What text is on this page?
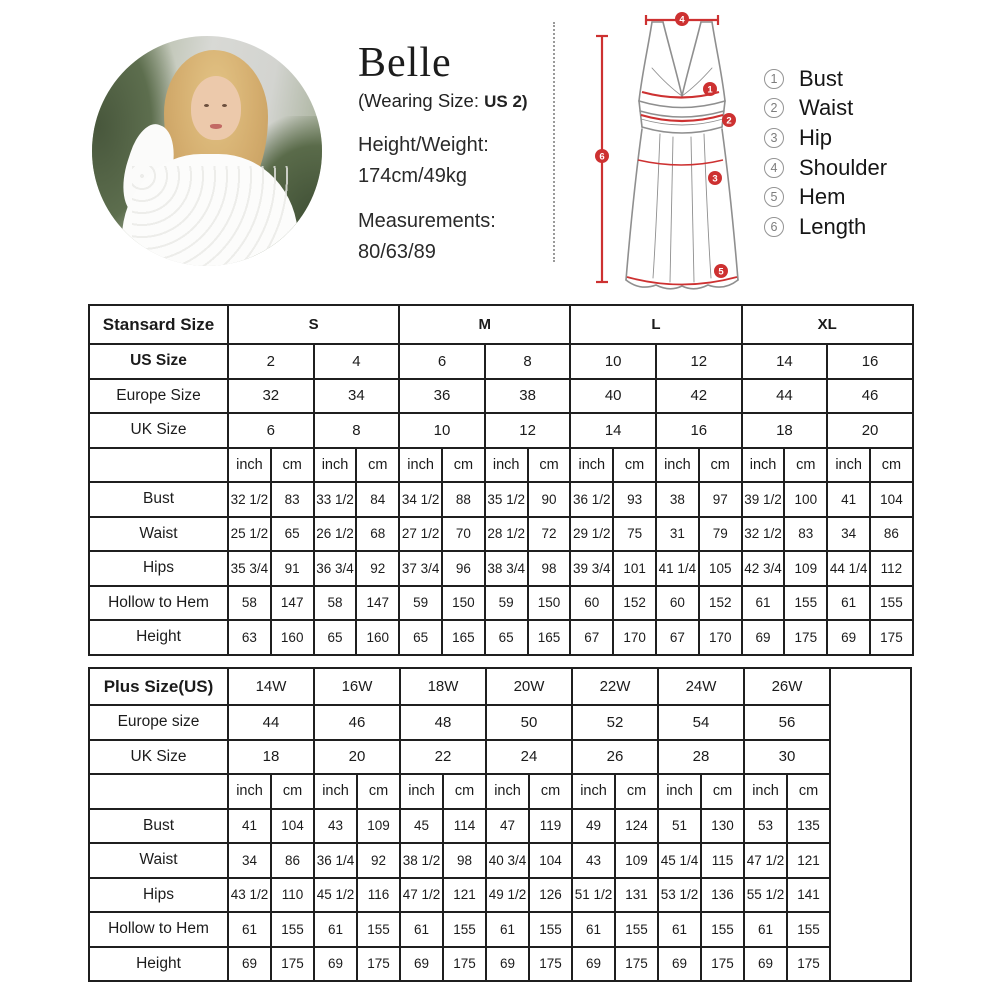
Belle
(Wearing Size: US 2)
Height/Weight:
174cm/49kg
Measurements:
80/63/89
4
6
1
2
3
5
1 Bust
2 Waist
3 Hip
4 Shoulder
5 Hem
6 Length
Stansard Size	S				M				L				XL			
US Size	2		4		6		8		10		12		14		16	
Europe Size	32		34		36		38		40		42		44		46	
UK Size	6		8		10		12		14		16		18		20	
	inch	cm	inch	cm	inch	cm	inch	cm	inch	cm	inch	cm	inch	cm	inch	cm
Bust	32 1/2	83	33 1/2	84	34 1/2	88	35 1/2	90	36 1/2	93	38	97	39 1/2	100	41	104
Waist	25 1/2	65	26 1/2	68	27 1/2	70	28 1/2	72	29 1/2	75	31	79	32 1/2	83	34	86
Hips	35 3/4	91	36 3/4	92	37 3/4	96	38 3/4	98	39 3/4	101	41 1/4	105	42 3/4	109	44 1/4	112
Hollow to Hem	58	147	58	147	59	150	59	150	60	152	60	152	61	155	61	155
Height	63	160	65	160	65	165	65	165	67	170	67	170	69	175	69	175
Plus Size(US)	14W		16W		18W		20W		22W		24W		26W		
Europe size	44		46		48		50		52		54		56		
UK Size	18		20		22		24		26		28		30		
	inch	cm	inch	cm	inch	cm	inch	cm	inch	cm	inch	cm	inch	cm	
Bust	41	104	43	109	45	114	47	119	49	124	51	130	53	135	
Waist	34	86	36 1/4	92	38 1/2	98	40 3/4	104	43	109	45 1/4	115	47 1/2	121	
Hips	43 1/2	110	45 1/2	116	47 1/2	121	49 1/2	126	51 1/2	131	53 1/2	136	55 1/2	141	
Hollow to Hem	61	155	61	155	61	155	61	155	61	155	61	155	61	155	
Height	69	175	69	175	69	175	69	175	69	175	69	175	69	175	
